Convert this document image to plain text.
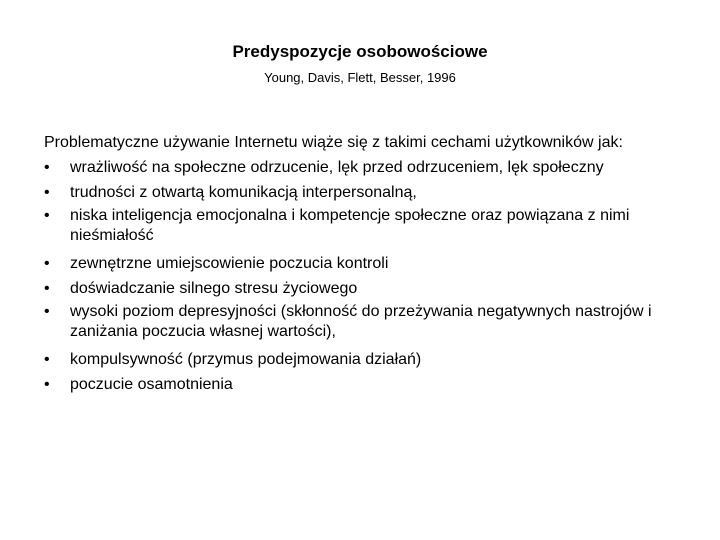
Predyspozycje osobowościowe

Young, Davis, Flett, Besser, 1996

Problematyczne używanie Internetu wiąże się z takimi cechami użytkowników jak:

•	wrażliwość na społeczne odrzucenie, lęk przed odrzuceniem, lęk społeczny
•	trudności z otwartą komunikacją interpersonalną,
•	niska inteligencja emocjonalna i kompetencje społeczne oraz powiązana z nimi nieśmiałość
•	zewnętrzne umiejscowienie poczucia kontroli
•	doświadczanie silnego stresu życiowego
•	wysoki poziom depresyjności (skłonność do przeżywania negatywnych nastrojów i zaniżania poczucia własnej wartości),
•	kompulsywność (przymus podejmowania działań)
•	poczucie osamotnienia
